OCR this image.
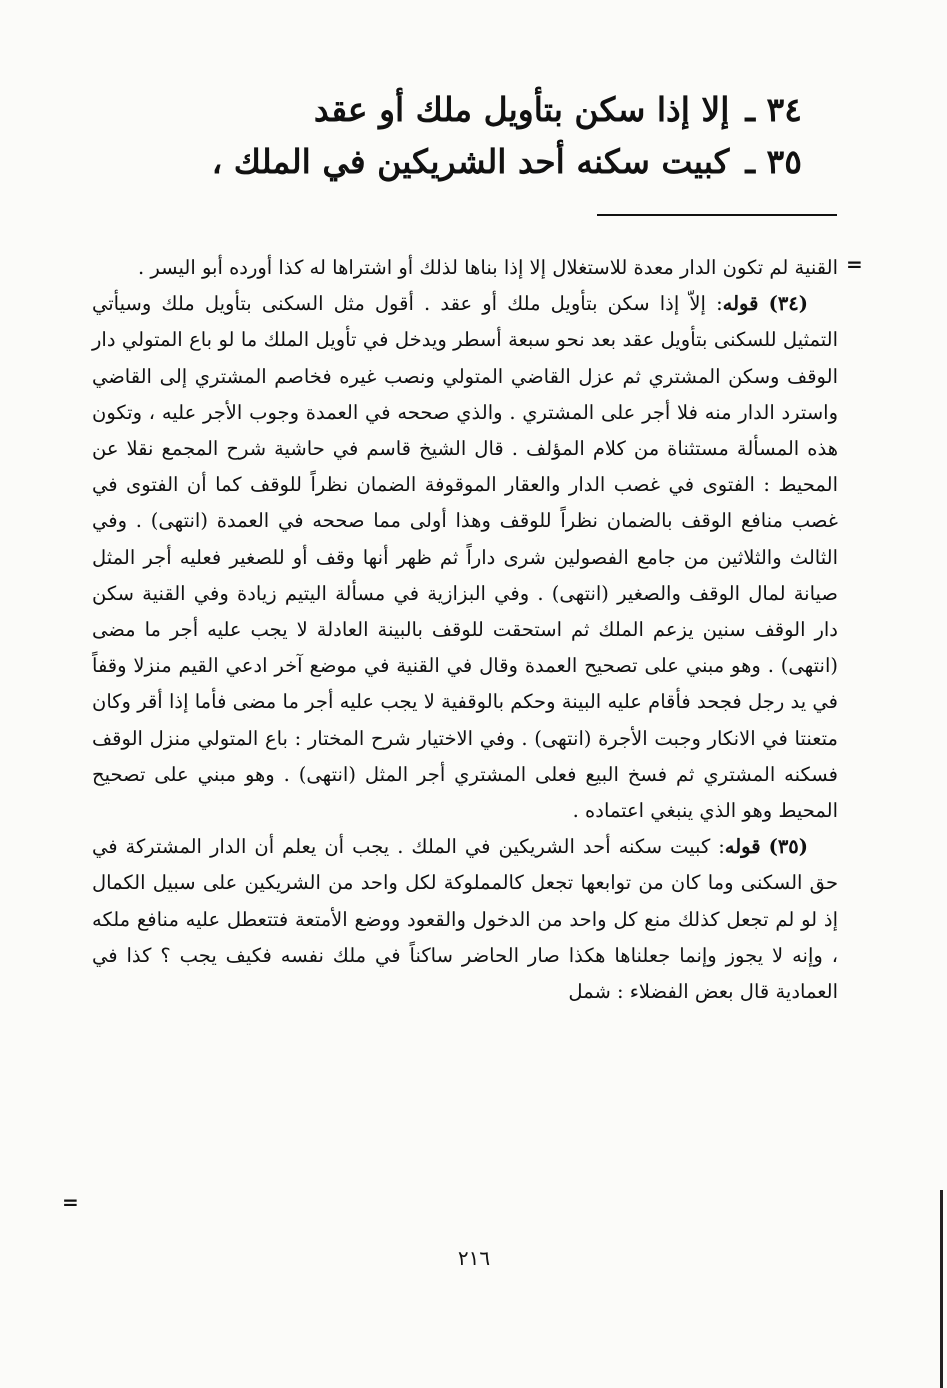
٣٤ ـإلا إذا سكن بتأويل ملك أو عقد
٣٥ ـكبيت سكنه أحد الشريكين في الملك ،
=

القنية لم تكون الدار معدة للاستغلال إلا إذا بناها لذلك أو اشتراها له كذا أورده أبو اليسر .

(٣٤) قوله: إلاّ إذا سكن بتأويل ملك أو عقد . أقول مثل السكنى بتأويل ملك وسيأتي التمثيل للسكنى بتأويل عقد بعد نحو سبعة أسطر ويدخل في تأويل الملك ما لو باع المتولي دار الوقف وسكن المشتري ثم عزل القاضي المتولي ونصب غيره فخاصم المشتري إلى القاضي واسترد الدار منه فلا أجر على المشتري . والذي صححه في العمدة وجوب الأجر عليه ، وتكون هذه المسألة مستثناة من كلام المؤلف . قال الشيخ قاسم في حاشية شرح المجمع نقلا عن المحيط : الفتوى في غصب الدار والعقار الموقوفة الضمان نظراً للوقف كما أن الفتوى في غصب منافع الوقف بالضمان نظراً للوقف وهذا أولى مما صححه في العمدة (انتهى) . وفي الثالث والثلاثين من جامع الفصولين شرى داراً ثم ظهر أنها وقف أو للصغير فعليه أجر المثل صيانة لمال الوقف والصغير (انتهى) . وفي البزازية في مسألة اليتيم زيادة وفي القنية سكن دار الوقف سنين يزعم الملك ثم استحقت للوقف بالبينة العادلة لا يجب عليه أجر ما مضى (انتهى) . وهو مبني على تصحيح العمدة وقال في القنية في موضع آخر ادعي القيم منزلا وقفاً في يد رجل فجحد فأقام عليه البينة وحكم بالوقفية لا يجب عليه أجر ما مضى فأما إذا أقر وكان متعنتا في الانكار وجبت الأجرة (انتهى) . وفي الاختيار شرح المختار : باع المتولي منزل الوقف فسكنه المشتري ثم فسخ البيع فعلى المشتري أجر المثل (انتهى) . وهو مبني على تصحيح المحيط وهو الذي ينبغي اعتماده .

(٣٥) قوله: كبيت سكنه أحد الشريكين في الملك . يجب أن يعلم أن الدار المشتركة في حق السكنى وما كان من توابعها تجعل كالمملوكة لكل واحد من الشريكين على سبيل الكمال إذ لو لم تجعل كذلك منع كل واحد من الدخول والقعود ووضع الأمتعة فتتعطل عليه منافع ملكه ، وإنه لا يجوز وإنما جعلناها هكذا صار الحاضر ساكناً في ملك نفسه فكيف يجب ؟ كذا في العمادية قال بعض الفضلاء : شمل

=
٢١٦
